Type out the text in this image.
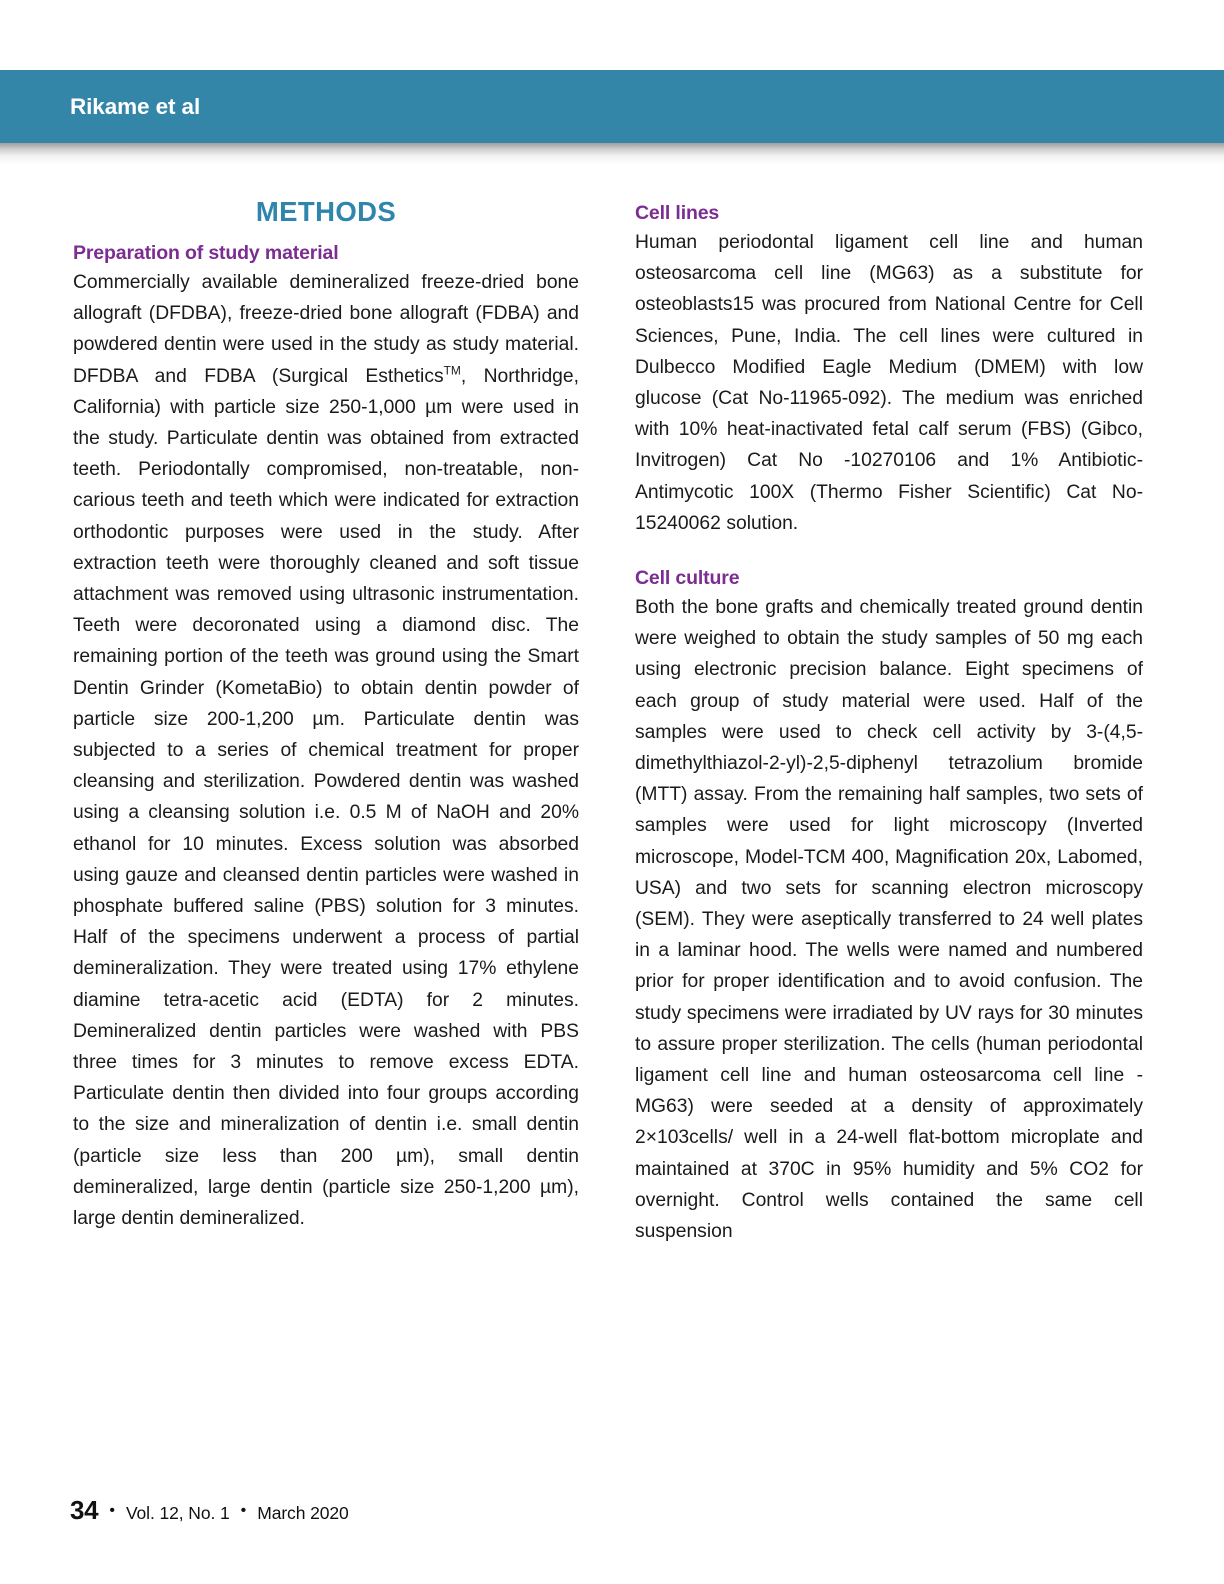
Rikame et al
METHODS
Preparation of study material

Commercially available demineralized freeze-dried bone allograft (DFDBA), freeze-dried bone allograft (FDBA) and powdered dentin were used in the study as study material. DFDBA and FDBA (Surgical Esthetics™, Northridge, California) with particle size 250-1,000 µm were used in the study. Particulate dentin was obtained from extracted teeth. Periodontally compromised, non-treatable, non-carious teeth and teeth which were indicated for extraction orthodontic purposes were used in the study. After extraction teeth were thoroughly cleaned and soft tissue attachment was removed using ultrasonic instrumentation. Teeth were decoronated using a diamond disc. The remaining portion of the teeth was ground using the Smart Dentin Grinder (KometaBio) to obtain dentin powder of particle size 200-1,200 µm. Particulate dentin was subjected to a series of chemical treatment for proper cleansing and sterilization. Powdered dentin was washed using a cleansing solution i.e. 0.5 M of NaOH and 20% ethanol for 10 minutes. Excess solution was absorbed using gauze and cleansed dentin particles were washed in phosphate buffered saline (PBS) solution for 3 minutes. Half of the specimens underwent a process of partial demineralization. They were treated using 17% ethylene diamine tetra-acetic acid (EDTA) for 2 minutes. Demineralized dentin particles were washed with PBS three times for 3 minutes to remove excess EDTA. Particulate dentin then divided into four groups according to the size and mineralization of dentin i.e. small dentin (particle size less than 200 µm), small dentin demineralized, large dentin (particle size 250-1,200 µm), large dentin demineralized.

Cell lines

Human periodontal ligament cell line and human osteosarcoma cell line (MG63) as a substitute for osteoblasts15 was procured from National Centre for Cell Sciences, Pune, India. The cell lines were cultured in Dulbecco Modified Eagle Medium (DMEM) with low glucose (Cat No-11965-092). The medium was enriched with 10% heat-inactivated fetal calf serum (FBS) (Gibco, Invitrogen) Cat No -10270106 and 1% Antibiotic-Antimycotic 100X (Thermo Fisher Scientific) Cat No-15240062 solution.

Cell culture

Both the bone grafts and chemically treated ground dentin were weighed to obtain the study samples of 50 mg each using electronic precision balance. Eight specimens of each group of study material were used. Half of the samples were used to check cell activity by 3-(4,5-dimethylthiazol-2-yl)-2,5-diphenyl tetrazolium bromide (MTT) assay. From the remaining half samples, two sets of samples were used for light microscopy (Inverted microscope, Model-TCM 400, Magnification 20x, Labomed, USA) and two sets for scanning electron microscopy (SEM). They were aseptically transferred to 24 well plates in a laminar hood. The wells were named and numbered prior for proper identification and to avoid confusion. The study specimens were irradiated by UV rays for 30 minutes to assure proper sterilization. The cells (human periodontal ligament cell line and human osteosarcoma cell line - MG63) were seeded at a density of approximately 2×103cells/ well in a 24-well flat-bottom microplate and maintained at 370C in 95% humidity and 5% CO2 for overnight. Control wells contained the same cell suspension

34 • Vol. 12, No. 1 • March 2020
